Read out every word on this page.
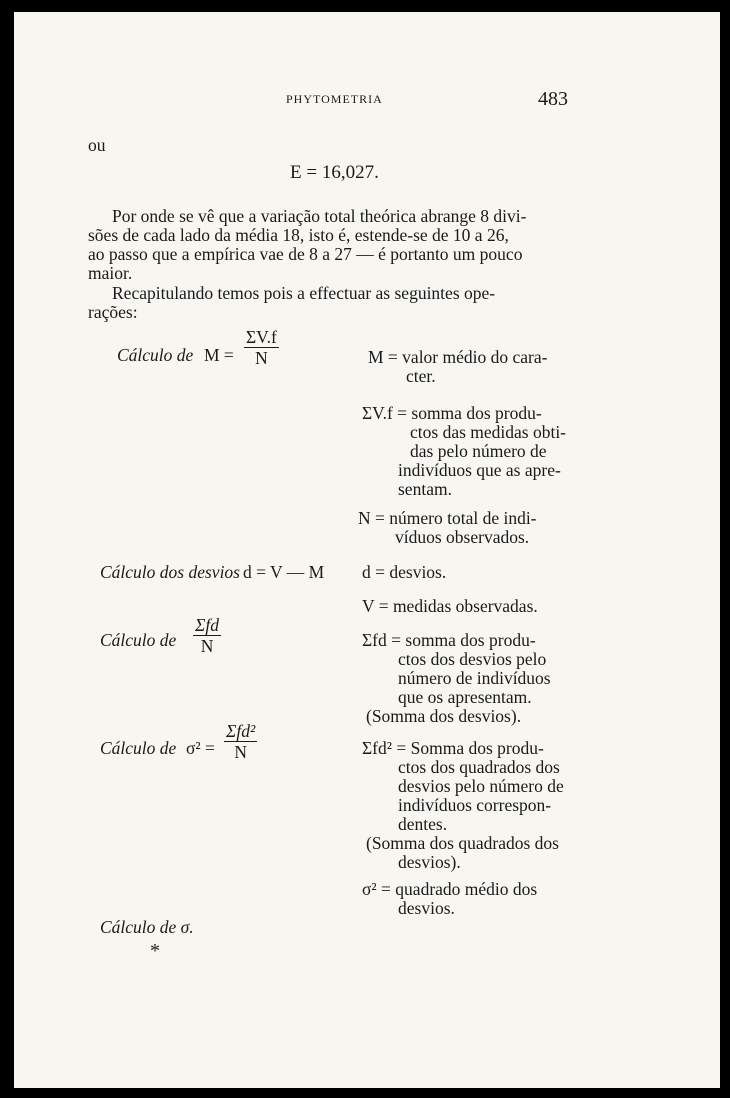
PHYTOMETRIA	483
ou
E = 16,027.
Por onde se vê que a variação total theórica abrange 8 divi-
sões de cada lado da média 18, isto é, estende-se de 10 a 26,
ao passo que a empírica vae de 8 a 27 — é portanto um pouco
maior.
Recapitulando temos pois a effectuar as seguintes ope-
rações:
Cálculo de $M = \frac{\Sigma V.f}{N}$	M = valor médio do cara-
cter.
ΣV.f = somma dos produ-
ctos das medidas obti-
das pelo número de
indivíduos que as apre-
sentam.
N = número total de indi-
víduos observados.
Cálculo dos desvios d = V — M d = desvios.
V = medidas observadas.
Cálculo de
Σfd
N	Σfd = somma dos produ-
ctos dos desvios pelo
número de indivíduos
que os apresentam.
(Somma dos desvios).
Cálculo de σ² =
Σfd²
N	Σfd² = Somma dos produ-
ctos dos quadrados dos
desvios pelo número de
indivíduos correspon-
dentes.
(Somma dos quadrados dos
desvios).
σ² = quadrado médio dos
desvios.
Cálculo de σ.
*
